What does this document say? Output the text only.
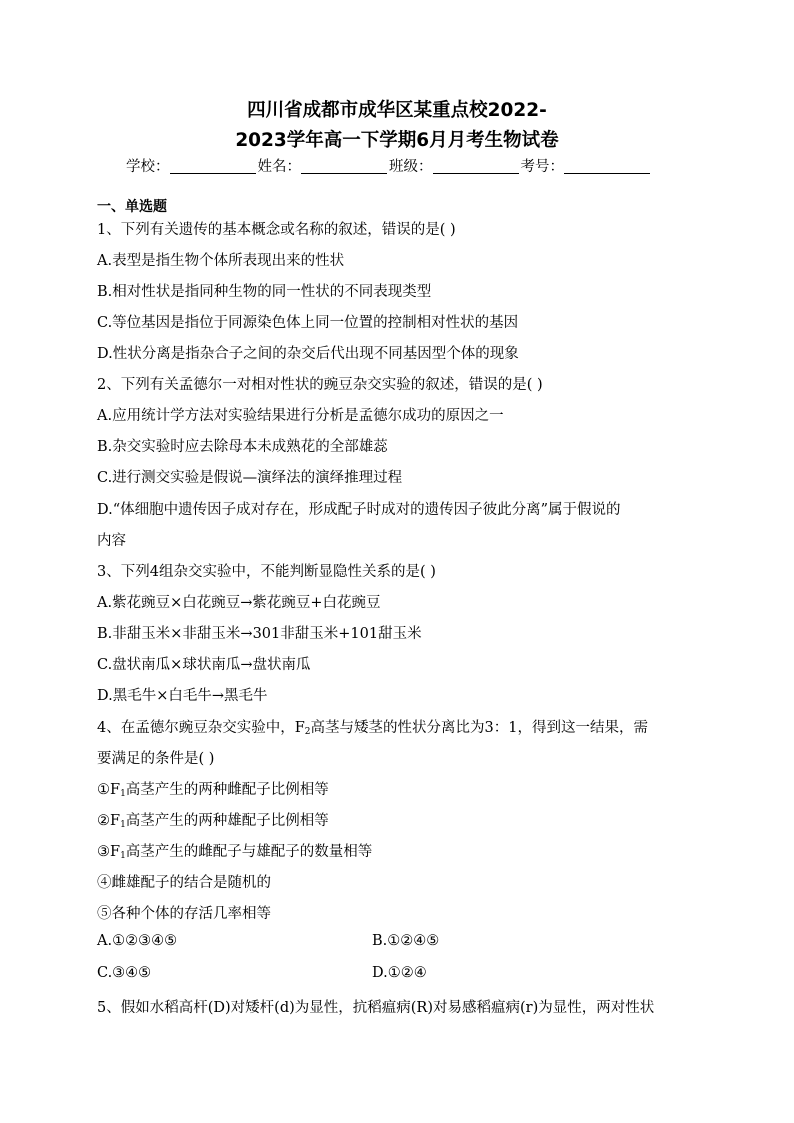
四川省成都市成华区某重点校2022-
2023学年高一下学期6月月考生物试卷
学校：	姓名：	班级：	考号：
一、单选题
1、下列有关遗传的基本概念或名称的叙述，错误的是( )
A.表型是指生物个体所表现出来的性状
B.相对性状是指同种生物的同一性状的不同表现类型
C.等位基因是指位于同源染色体上同一位置的控制相对性状的基因
D.性状分离是指杂合子之间的杂交后代出现不同基因型个体的现象
2、下列有关孟德尔一对相对性状的豌豆杂交实验的叙述，错误的是( )
A.应用统计学方法对实验结果进行分析是孟德尔成功的原因之一
B.杂交实验时应去除母本未成熟花的全部雄蕊
C.进行测交实验是假说—演绎法的演绎推理过程
D.“体细胞中遗传因子成对存在，形成配子时成对的遗传因子彼此分离”属于假说的
内容
3、下列4组杂交实验中，不能判断显隐性关系的是( )
A.紫花豌豆×白花豌豆→紫花豌豆+白花豌豆
B.非甜玉米×非甜玉米→301非甜玉米+101甜玉米
C.盘状南瓜×球状南瓜→盘状南瓜
D.黑毛牛×白毛牛→黑毛牛
4、在孟德尔豌豆杂交实验中，$F_2$高茎与矮茎的性状分离比为3：1，得到这一结果，需
要满足的条件是( )
$①F_1$高茎产生的两种雌配子比例相等
$②F_1$高茎产生的两种雄配子比例相等
$③F_1$高茎产生的雌配子与雄配子的数量相等
④雌雄配子的结合是随机的
⑤各种个体的存活几率相等
A.①②③④⑤	B.①②④⑤
C.③④⑤	D.①②④
5、假如水稻高杆(D)对矮杆(d)为显性，抗稻瘟病(R)对易感稻瘟病(r)为显性，两对性状
